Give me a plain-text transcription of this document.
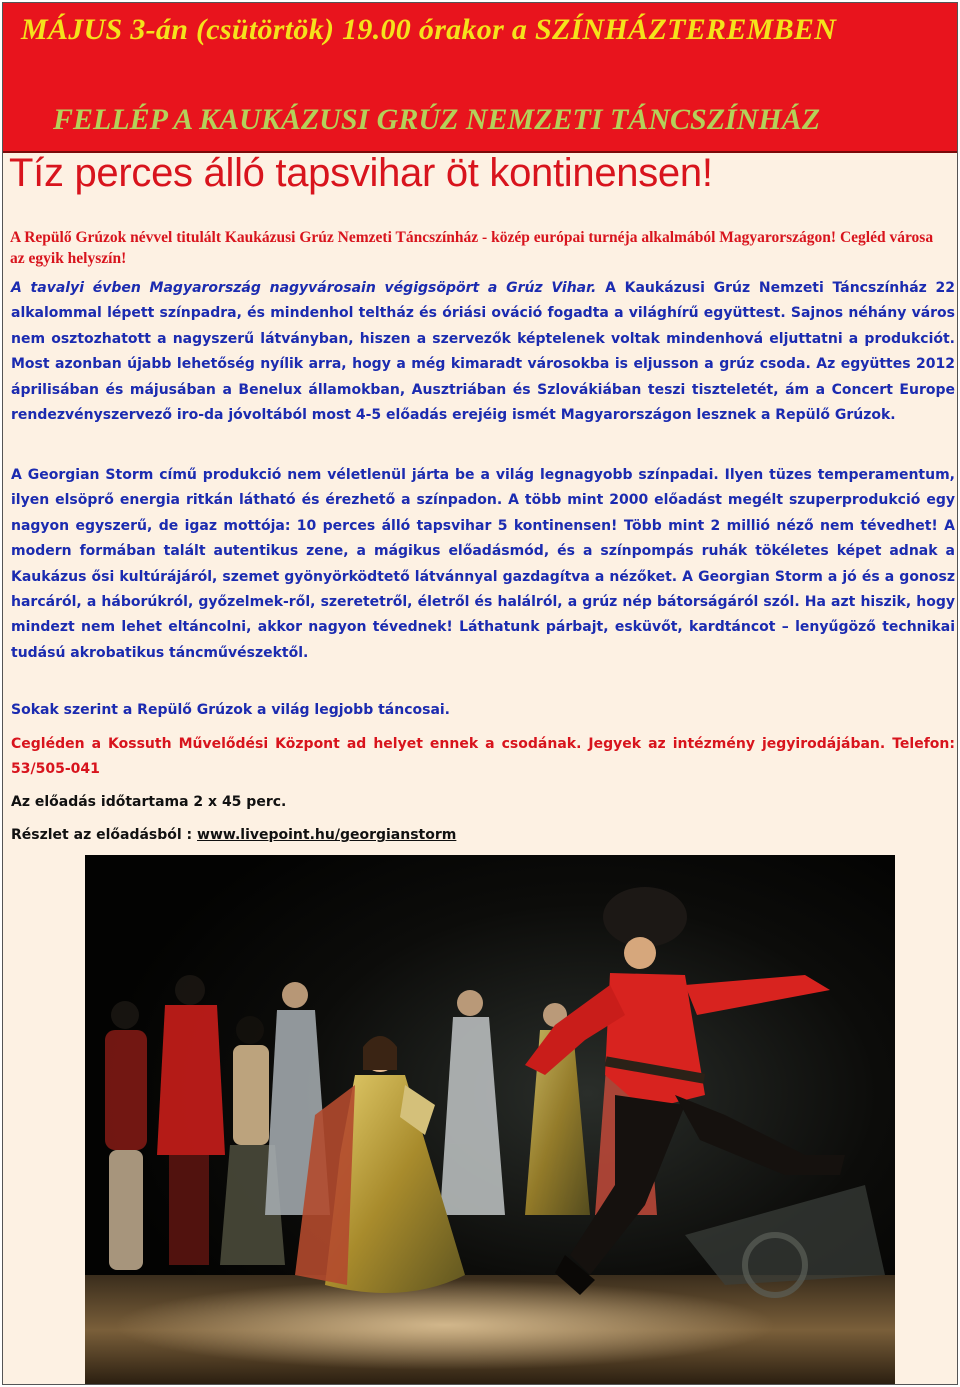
MÁJUS 3-án (csütörtök) 19.00 órakor a SZÍNHÁZTEREMBEN
FELLÉP A KAUKÁZUSI GRÚZ NEMZETI TÁNCSZÍNHÁZ
Tíz perces álló tapsvihar öt kontinensen!
A Repülő Grúzok névvel titulált Kaukázusi Grúz Nemzeti Táncszínház - közép európai turnéja alkalmából Magyarországon! Cegléd városa az egyik helyszín!
A tavalyi évben Magyarország nagyvárosain végigsöpört a Grúz Vihar. A Kaukázusi Grúz Nemzeti Táncszínház 22 alkalommal lépett színpadra, és mindenhol teltház és óriási ováció fogadta a világhírű együttest. Sajnos néhány város nem osztozhatott a nagyszerű látványban, hiszen a szervezők képtelenek voltak mindenhová eljuttatni a produkciót. Most azonban újabb lehetőség nyílik arra, hogy a még kimaradt városokba is eljusson a grúz csoda. Az együttes 2012 áprilisában és májusában a Benelux államokban, Ausztriában és Szlovákiában teszi tiszteletét, ám a Concert Europe rendezvényszervező iro-da jóvoltából most 4-5 előadás erejéig ismét Magyarországon lesznek a Repülő Grúzok.
A Georgian Storm című produkció nem véletlenül járta be a világ legnagyobb színpadai. Ilyen tüzes temperamentum, ilyen elsöprő energia ritkán látható és érezhető a színpadon. A több mint 2000 előadást megélt szuperprodukció egy nagyon egyszerű, de igaz mottója: 10 perces álló tapsvihar 5 kontinensen! Több mint 2 millió néző nem tévedhet! A modern formában talált autentikus zene, a mágikus előadásmód, és a színpompás ruhák tökéletes képet adnak a Kaukázus ősi kultúrájáról, szemet gyönyörködtető látvánnyal gazdagítva a nézőket. A Georgian Storm a jó és a gonosz harcáról, a háborúkról, győzelmek-ről, szeretetről, életről és halálról, a grúz nép bátorságáról szól. Ha azt hiszik, hogy mindezt nem lehet eltáncolni, akkor nagyon tévednek! Láthatunk párbajt, esküvőt, kardtáncot – lenyűgöző technikai tudású akrobatikus táncművészektől.
Sokak szerint a Repülő Grúzok a világ legjobb táncosai.
Cegléden a Kossuth Művelődési Központ ad helyet ennek a csodának. Jegyek az intézmény jegyirodájában. Telefon: 53/505-041
Az előadás időtartama 2 x 45 perc.
Részlet az előadásból : www.livepoint.hu/georgianstorm
